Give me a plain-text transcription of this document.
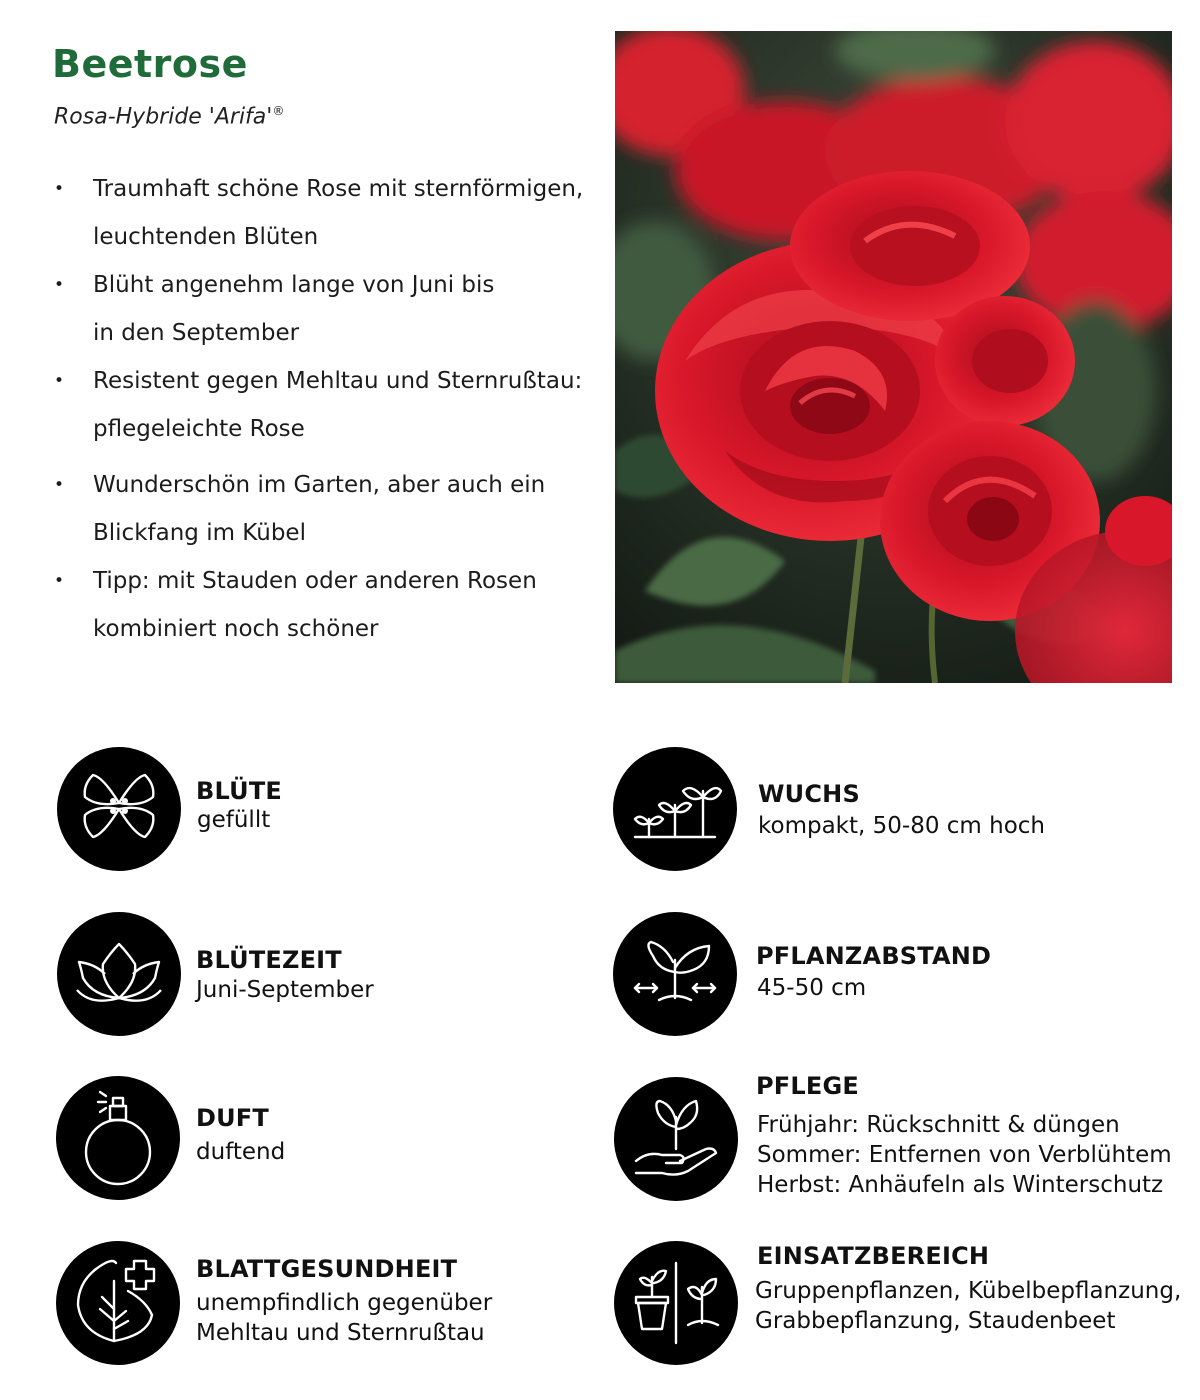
Beetrose

Rosa-Hybride 'Arifa'®

• Traumhaft schöne Rose mit sternförmigen,
leuchtenden Blüten
• Blüht angenehm lange von Juni bis
in den September
• Resistent gegen Mehltau und Sternrußtau:
pflegeleichte Rose
• Wunderschön im Garten, aber auch ein
Blickfang im Kübel
• Tipp: mit Stauden oder anderen Rosen
kombiniert noch schöner
BLÜTE
gefüllt
WUCHS
kompakt, 50-80 cm hoch
BLÜTEZEIT
Juni-September
PFLANZABSTAND
45-50 cm
DUFT
duftend
PFLEGE
Frühjahr: Rückschnitt & düngen
Sommer: Entfernen von Verblühtem
Herbst: Anhäufeln als Winterschutz
BLATTGESUNDHEIT
unempfindlich gegenüber
Mehltau und Sternrußtau
EINSATZBEREICH
Gruppenpflanzen, Kübelbepflanzung,
Grabbepflanzung, Staudenbeet
